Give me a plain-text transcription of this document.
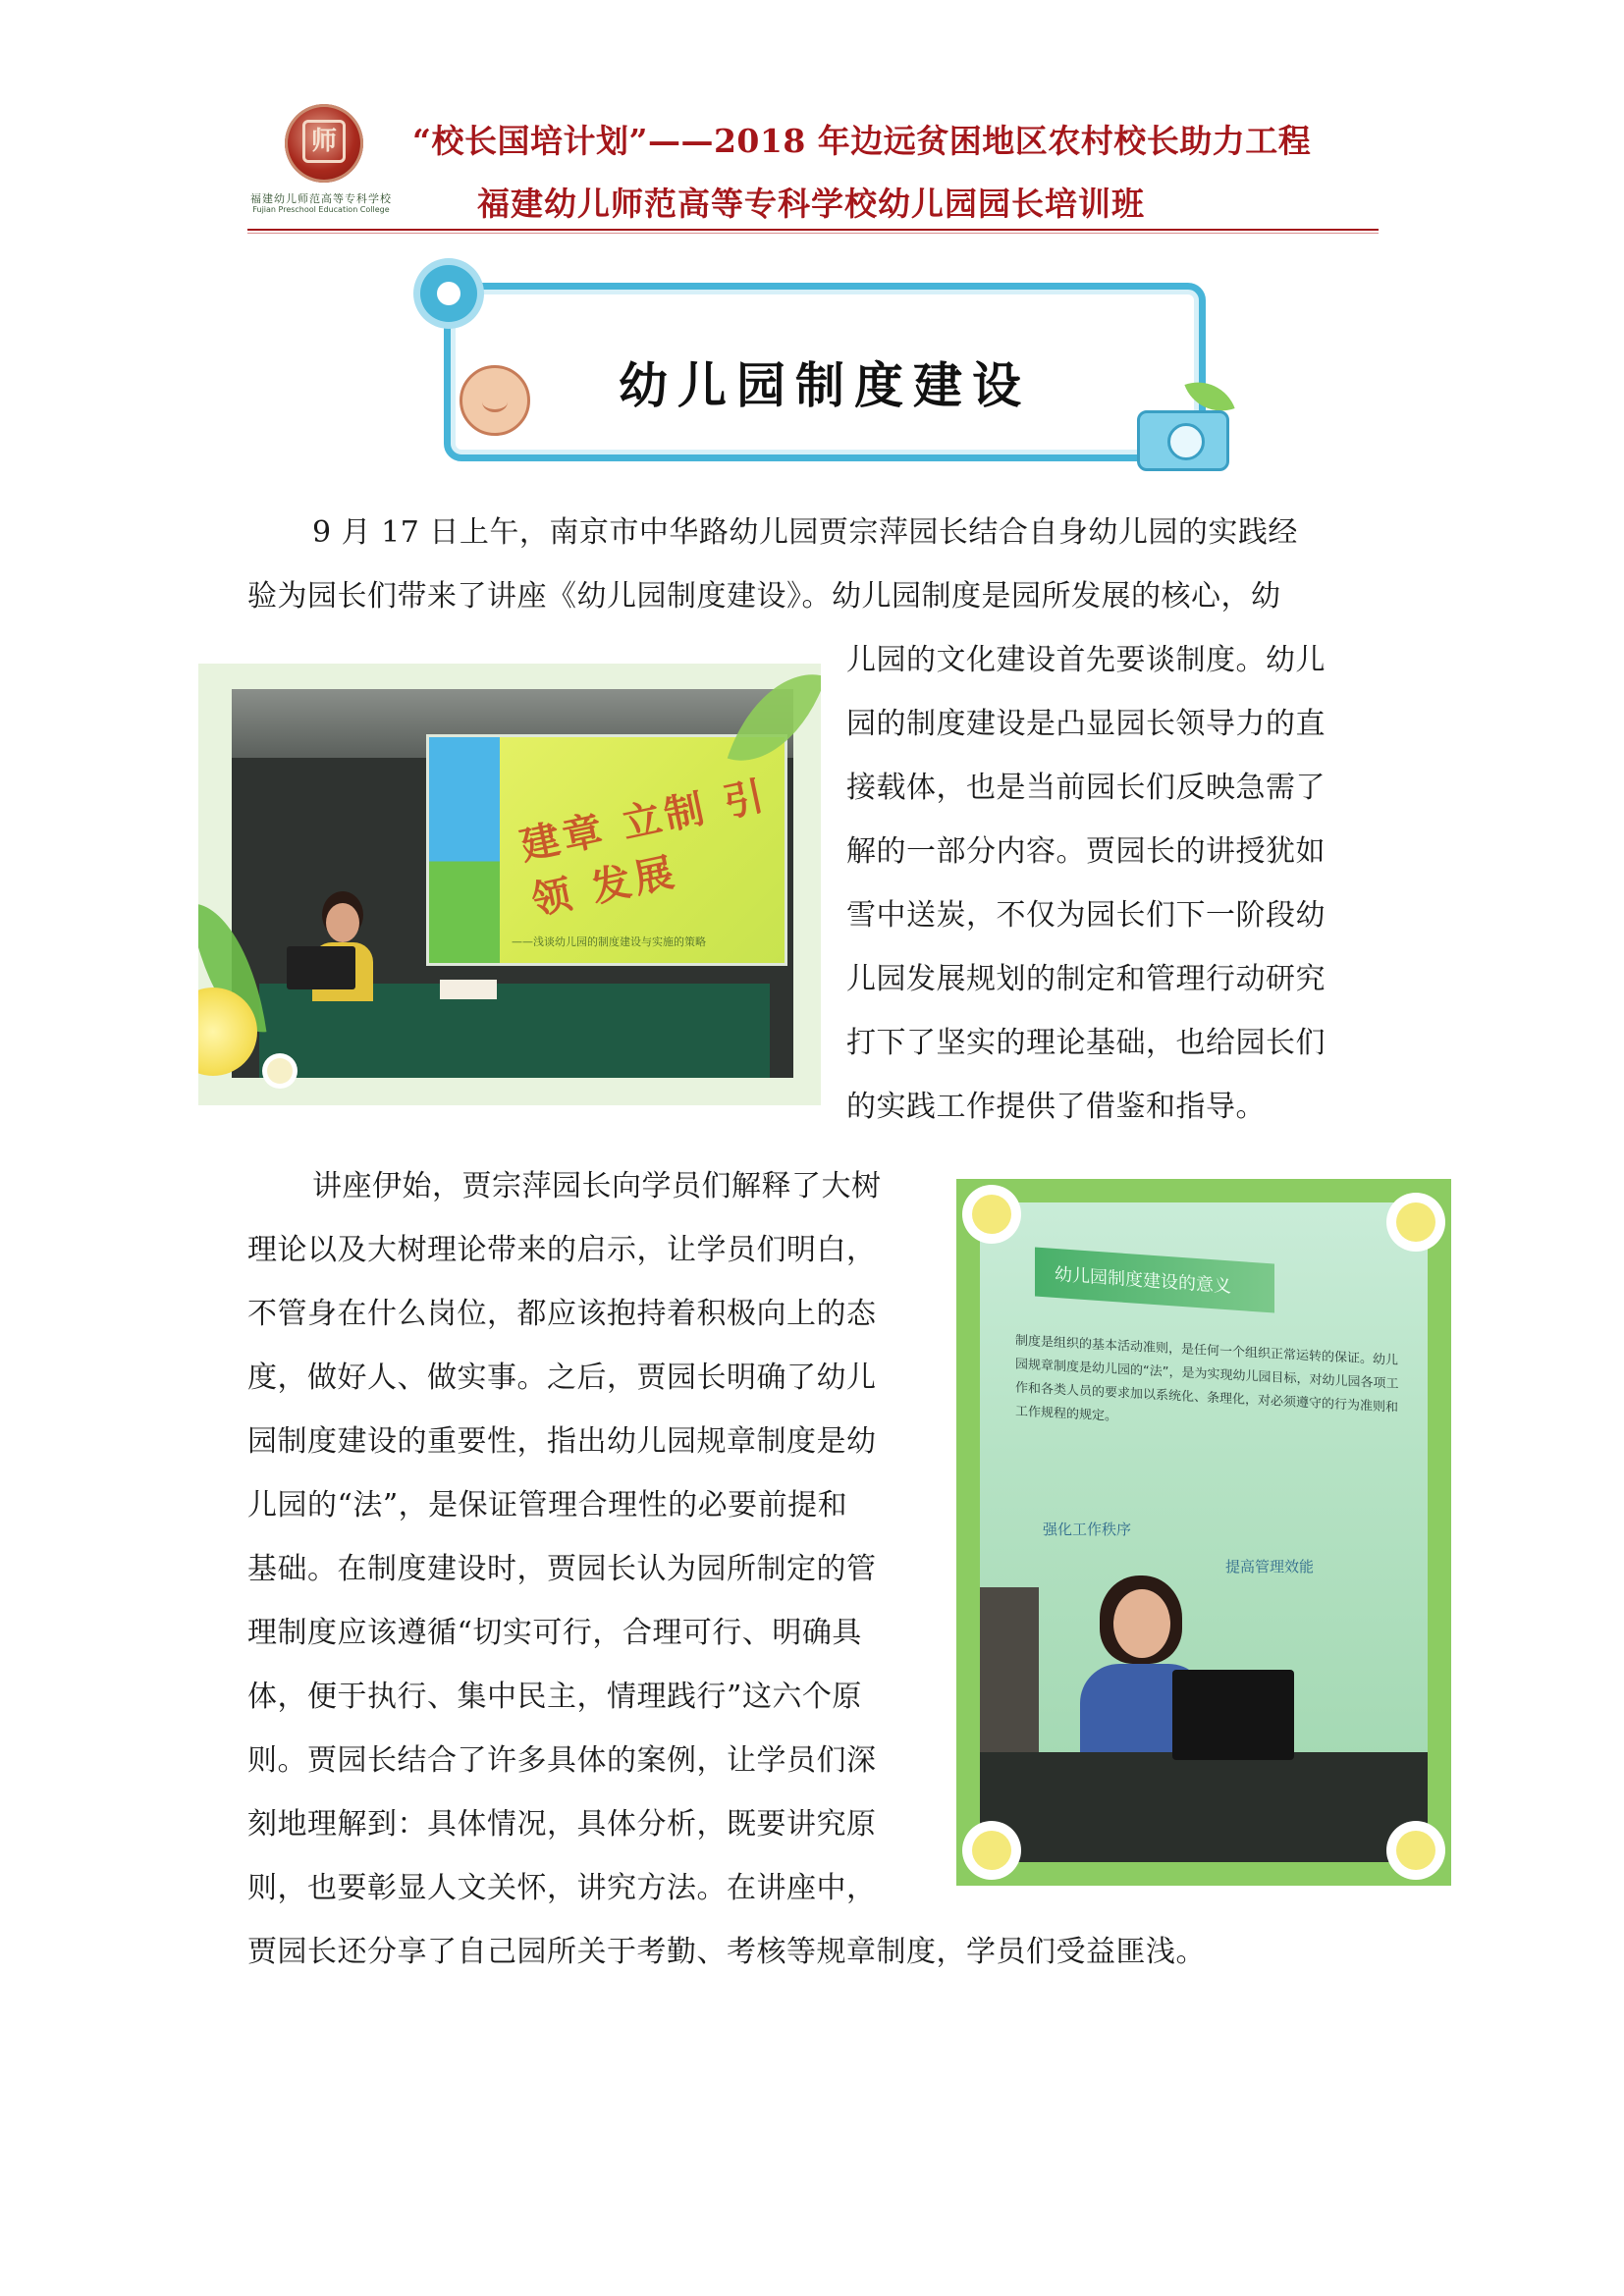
师
福建幼儿师范高等专科学校
Fujian Preschool Education College
“校长国培计划”——2018 年边远贫困地区农村校长助力工程
福建幼儿师范高等专科学校幼儿园园长培训班
幼儿园制度建设
9 月 17 日上午，南京市中华路幼儿园贾宗萍园长结合自身幼儿园的实践经
验为园长们带来了讲座《幼儿园制度建设》。幼儿园制度是园所发展的核心，幼
儿园的文化建设首先要谈制度。幼儿
园的制度建设是凸显园长领导力的直
接载体，也是当前园长们反映急需了
解的一部分内容。贾园长的讲授犹如
雪中送炭，不仅为园长们下一阶段幼
儿园发展规划的制定和管理行动研究
打下了坚实的理论基础，也给园长们
的实践工作提供了借鉴和指导。
建章 立制 引领 发展
——浅谈幼儿园的制度建设与实施的策略
讲座伊始，贾宗萍园长向学员们解释了大树
理论以及大树理论带来的启示，让学员们明白，
不管身在什么岗位，都应该抱持着积极向上的态
度，做好人、做实事。之后，贾园长明确了幼儿
园制度建设的重要性，指出幼儿园规章制度是幼
儿园的“法”，是保证管理合理性的必要前提和
基础。在制度建设时，贾园长认为园所制定的管
理制度应该遵循“切实可行，合理可行、明确具
体，便于执行、集中民主，情理践行”这六个原
则。贾园长结合了许多具体的案例，让学员们深
刻地理解到：具体情况，具体分析，既要讲究原
则，也要彰显人文关怀，讲究方法。在讲座中，
贾园长还分享了自己园所关于考勤、考核等规章制度，学员们受益匪浅。
幼儿园制度建设的意义
制度是组织的基本活动准则，是任何一个组织正常运转的保证。幼儿园规章制度是幼儿园的“法”，是为实现幼儿园目标，对幼儿园各项工作和各类人员的要求加以系统化、条理化，对必须遵守的行为准则和工作规程的规定。
强化工作秩序
提高管理效能
